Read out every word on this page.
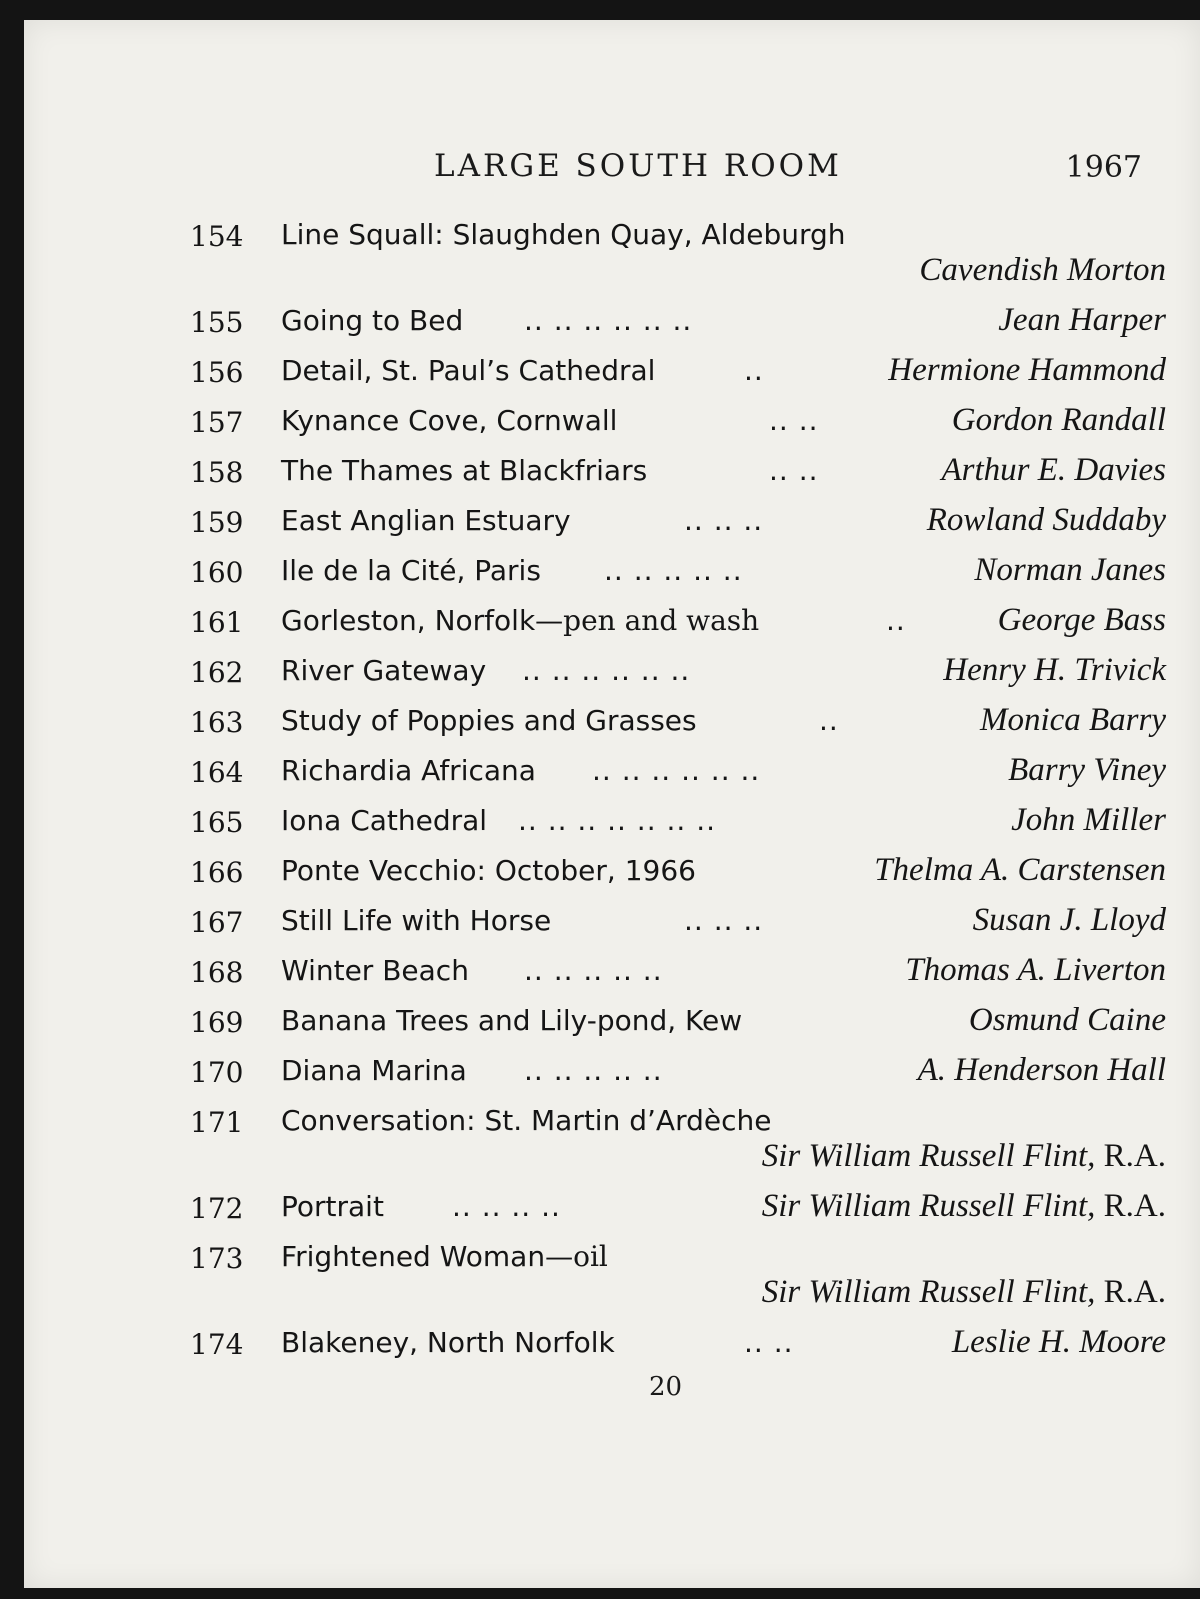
LARGE SOUTH ROOM	1967
154 Line Squall: Slaughden Quay, Aldeburgh
Cavendish Morton
155 Going to Bed .. .. .. .. .. ..	Jean Harper
156 Detail, St. Paul’s Cathedral	..	Hermione Hammond
157 Kynance Cove, Cornwall	.. ..	Gordon Randall
158 The Thames at Blackfriars	.. ..	Arthur E. Davies
159 East Anglian Estuary	.. .. ..	Rowland Suddaby
160 Ile de la Cité, Paris .. .. .. .. ..	Norman Janes
161 Gorleston, Norfolk—pen and wash	..	George Bass
162 River Gateway .. .. .. .. .. ..	Henry H. Trivick
163 Study of Poppies and Grasses	..	Monica Barry
164 Richardia Africana .. .. .. .. .. ..	Barry Viney
165 Iona Cathedral .. .. .. .. .. .. ..	John Miller
166 Ponte Vecchio: October, 1966	Thelma A. Carstensen
167 Still Life with Horse	.. .. ..	Susan J. Lloyd
168 Winter Beach .. .. .. .. ..	Thomas A. Liverton
169 Banana Trees and Lily-pond, Kew	Osmund Caine
170 Diana Marina .. .. .. .. ..	A. Henderson Hall
171 Conversation: St. Martin d’Ardèche
Sir William Russell Flint, R.A.
172 Portrait .. .. .. ..	Sir William Russell Flint, R.A.
173 Frightened Woman—oil
Sir William Russell Flint, R.A.
174 Blakeney, North Norfolk	.. ..	Leslie H. Moore
20
